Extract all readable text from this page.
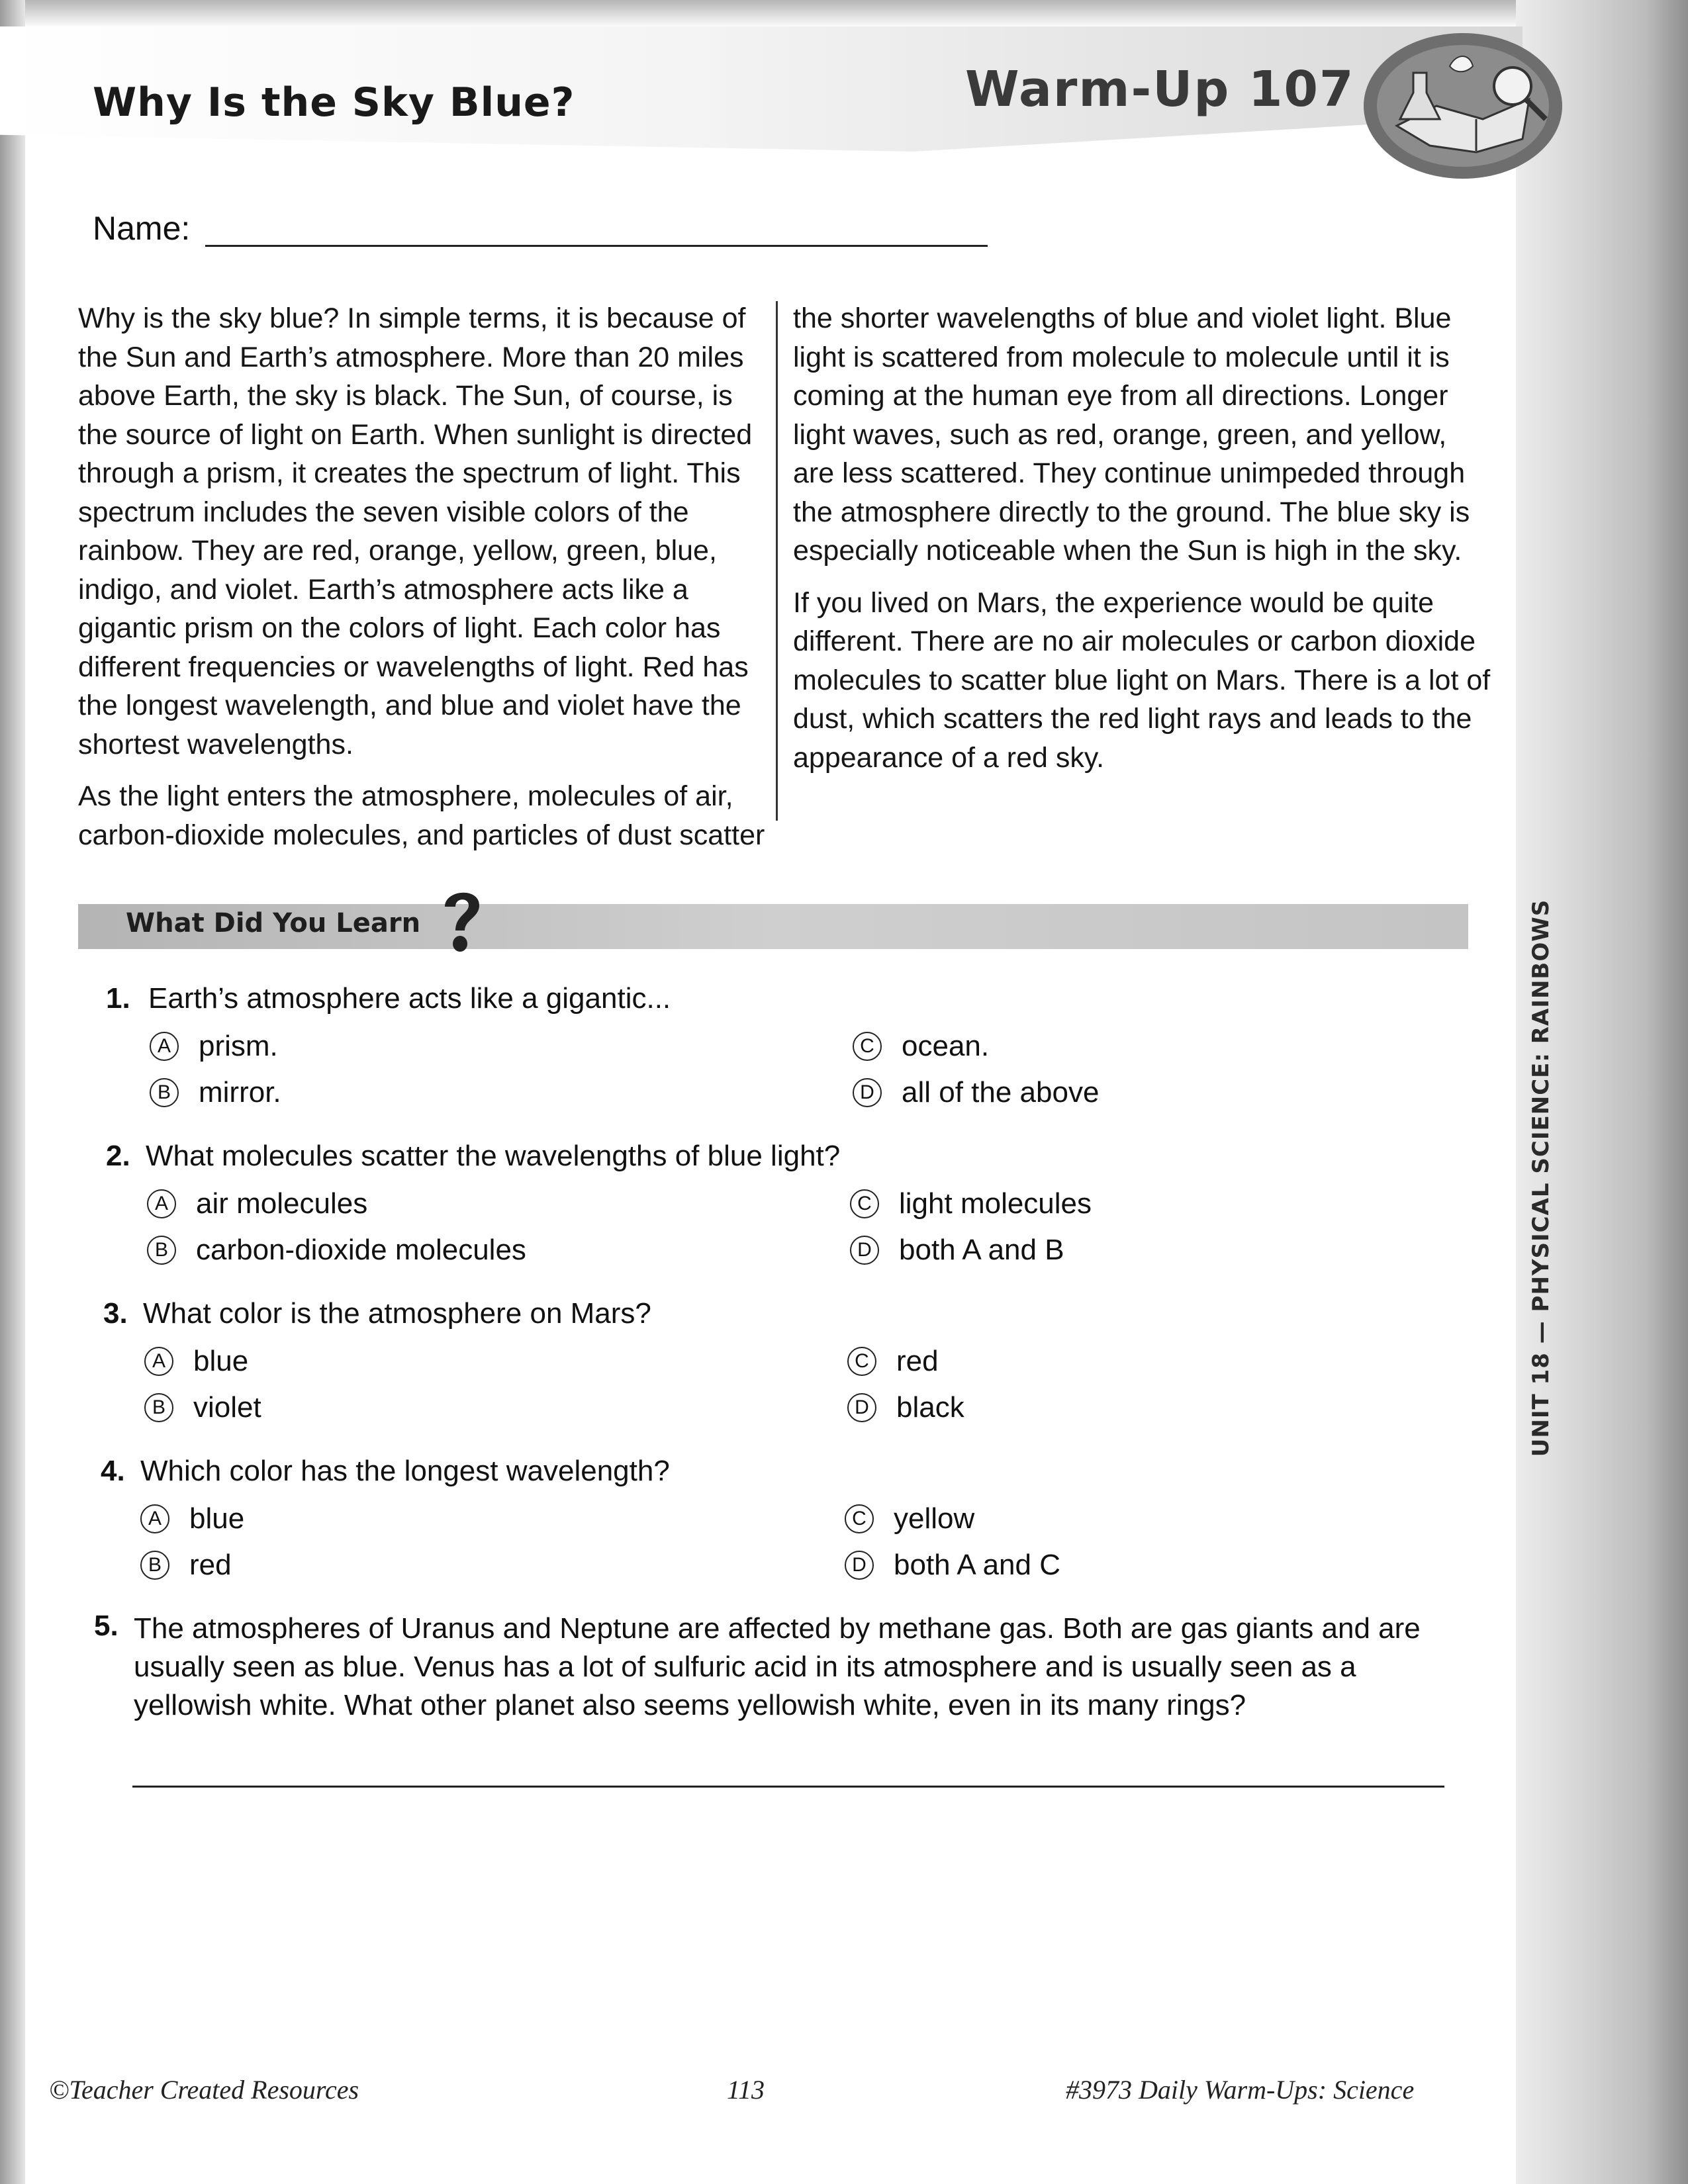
Why Is the Sky Blue?	Warm-Up 107
Name:

Why is the sky blue? In simple terms, it is because of the Sun and Earth’s atmosphere. More than 20 miles above Earth, the sky is black. The Sun, of course, is the source of light on Earth. When sunlight is directed through a prism, it creates the spectrum of light. This spectrum includes the seven visible colors of the rainbow. They are red, orange, yellow, green, blue, indigo, and violet. Earth’s atmosphere acts like a gigantic prism on the colors of light. Each color has different frequencies or wavelengths of light. Red has the longest wavelength, and blue and violet have the shortest wavelengths.

As the light enters the atmosphere, molecules of air, carbon-dioxide molecules, and particles of dust scatter

the shorter wavelengths of blue and violet light. Blue light is scattered from molecule to molecule until it is coming at the human eye from all directions. Longer light waves, such as red, orange, green, and yellow, are less scattered. They continue unimpeded through the atmosphere directly to the ground. The blue sky is especially noticeable when the Sun is high in the sky.

If you lived on Mars, the experience would be quite different. There are no air molecules or carbon dioxide molecules to scatter blue light on Mars. There is a lot of dust, which scatters the red light rays and leads to the appearance of a red sky.

What Did You Learn
1. Earth’s atmosphere acts like a gigantic...
A prism.
B mirror.
C ocean.
D all of the above
2. What molecules scatter the wavelengths of blue light?
A air molecules
B carbon-dioxide molecules
C light molecules
D both A and B
3. What color is the atmosphere on Mars?
A blue
B violet
C red
D black
4. Which color has the longest wavelength?
A blue
B red
C yellow
D both A and C
5. The atmospheres of Uranus and Neptune are affected by methane gas. Both are gas giants and are usually seen as blue. Venus has a lot of sulfuric acid in its atmosphere and is usually seen as a yellowish white. What other planet also seems yellowish white, even in its many rings?
UNIT 18 — PHYSICAL SCIENCE: RAINBOWS
©Teacher Created Resources	113	#3973 Daily Warm-Ups: Science
